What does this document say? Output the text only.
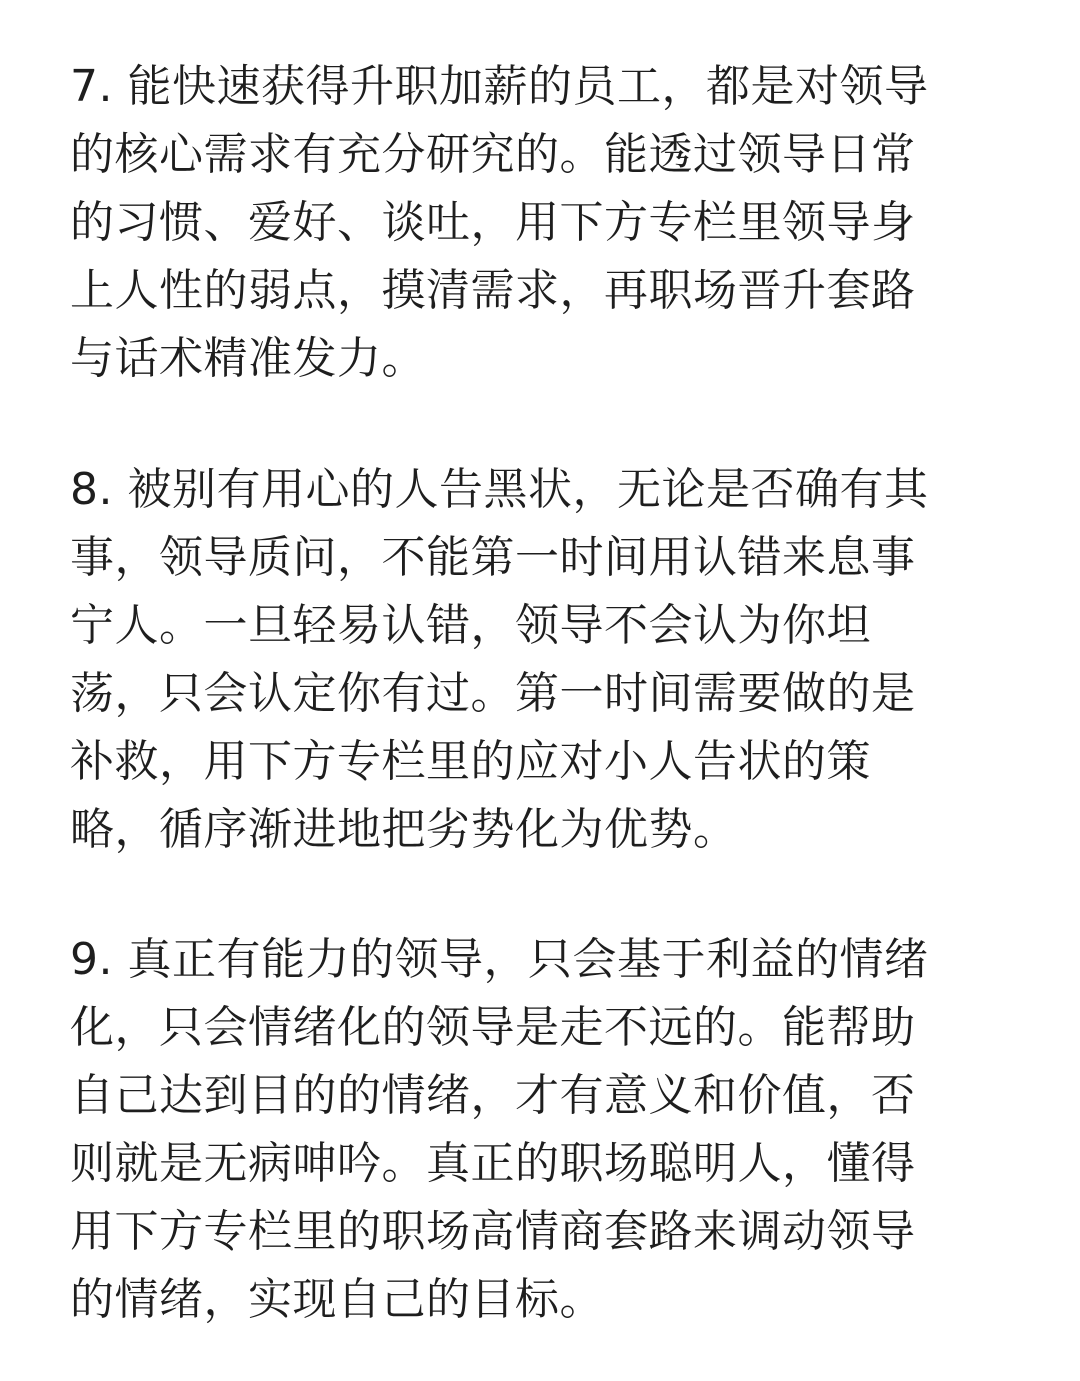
7. 能快速获得升职加薪的员工，都是对领导
的核心需求有充分研究的。能透过领导日常
的习惯、爱好、谈吐，用下方专栏里领导身
上人性的弱点，摸清需求，再职场晋升套路
与话术精准发力。
8. 被别有用心的人告黑状，无论是否确有其
事，领导质问，不能第一时间用认错来息事
宁人。一旦轻易认错，领导不会认为你坦
荡，只会认定你有过。第一时间需要做的是
补救，用下方专栏里的应对小人告状的策
略，循序渐进地把劣势化为优势。
9. 真正有能力的领导，只会基于利益的情绪
化，只会情绪化的领导是走不远的。能帮助
自己达到目的的情绪，才有意义和价值，否
则就是无病呻吟。真正的职场聪明人，懂得
用下方专栏里的职场高情商套路来调动领导
的情绪，实现自己的目标。
